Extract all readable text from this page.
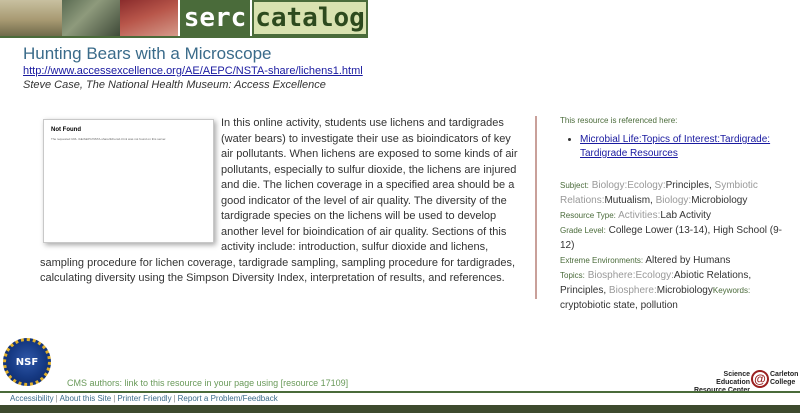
serc catalog
Hunting Bears with a Microscope
http://www.accessexcellence.org/AE/AEPC/NSTA-share/lichens1.html
Steve Case, The National Health Museum: Access Excellence
Not Found
The requested URL /AE/AEPC/NSTA-share/lichens1.html was not found on this server.
In this online activity, students use lichens and tardigrades (water bears) to investigate their use as bioindicators of key air pollutants. When lichens are exposed to some kinds of air pollutants, especially to sulfur dioxide, the lichens are injured and die. The lichen coverage in a specified area should be a good indicator of the level of air quality. The diversity of the tardigrade species on the lichens will be used to develop another level for bioindication of air quality. Sections of this activity include: introduction, sulfur dioxide and lichens, sampling procedure for lichen coverage, tardigrade sampling, sampling procedure for tardigrades, calculating diversity using the Simpson Diversity Index, interpretation of results, and references.
This resource is referenced here:
• Microbial Life:Topics of Interest:Tardigrade: Tardigrade Resources
Subject: Biology:Ecology:Principles, Symbiotic Relations:Mutualism, Biology:Microbiology
Resource Type: Activities:Lab Activity
Grade Level: College Lower (13-14), High School (9-12)
Extreme Environments: Altered by Humans
Topics: Biosphere:Ecology:Abiotic Relations, Principles, Biosphere:MicrobiologyKeywords: cryptobiotic state, pollution
NSF
CMS authors: link to this resource in your page using [resource 17109]
Science Education @ Carleton College
Accessibility | About this Site | Printer Friendly | Report a Problem/Feedback
